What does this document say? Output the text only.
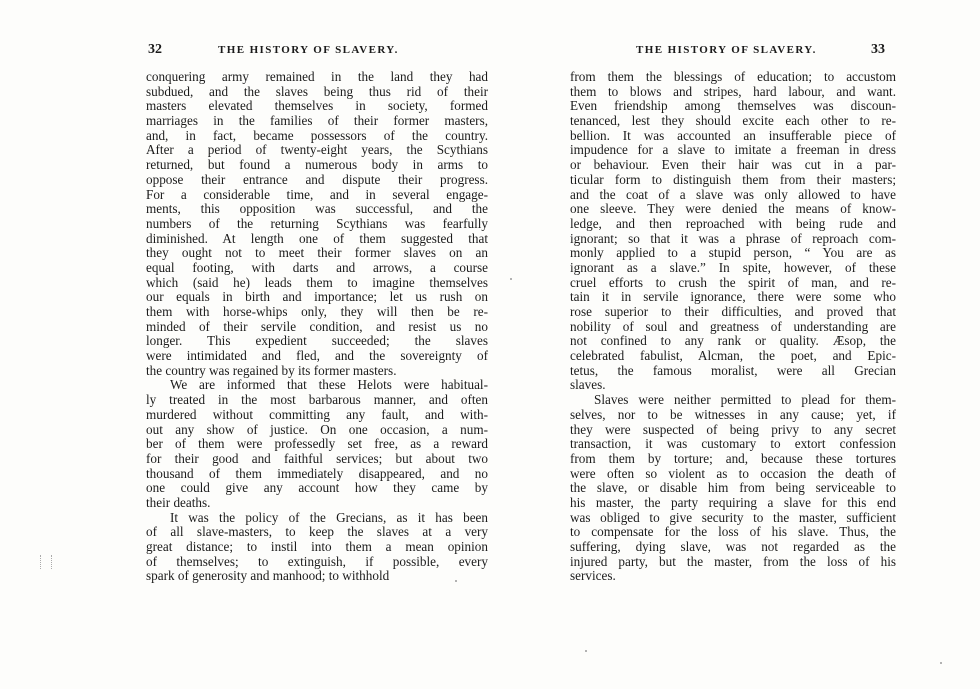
32	THE HISTORY OF SLAVERY.
conquering army remained in the land they had
subdued, and the slaves being thus rid of their
masters elevated themselves in society, formed
marriages in the families of their former masters,
and, in fact, became possessors of the country.
After a period of twenty-eight years, the Scythians
returned, but found a numerous body in arms to
oppose their entrance and dispute their progress.
For a considerable time, and in several engage-
ments, this opposition was successful, and the
numbers of the returning Scythians was fearfully
diminished. At length one of them suggested that
they ought not to meet their former slaves on an
equal footing, with darts and arrows, a course
which (said he) leads them to imagine themselves
our equals in birth and importance; let us rush on
them with horse-whips only, they will then be re-
minded of their servile condition, and resist us no
longer. This expedient succeeded; the slaves
were intimidated and fled, and the sovereignty of
the country was regained by its former masters.
We are informed that these Helots were habitual-
ly treated in the most barbarous manner, and often
murdered without committing any fault, and with-
out any show of justice. On one occasion, a num-
ber of them were professedly set free, as a reward
for their good and faithful services; but about two
thousand of them immediately disappeared, and no
one could give any account how they came by
their deaths.
It was the policy of the Grecians, as it has been
of all slave-masters, to keep the slaves at a very
great distance; to instil into them a mean opinion
of themselves; to extinguish, if possible, every
spark of generosity and manhood; to withhold
THE HISTORY OF SLAVERY.	33
from them the blessings of education; to accustom
them to blows and stripes, hard labour, and want.
Even friendship among themselves was discoun-
tenanced, lest they should excite each other to re-
bellion. It was accounted an insufferable piece of
impudence for a slave to imitate a freeman in dress
or behaviour. Even their hair was cut in a par-
ticular form to distinguish them from their masters;
and the coat of a slave was only allowed to have
one sleeve. They were denied the means of know-
ledge, and then reproached with being rude and
ignorant; so that it was a phrase of reproach com-
monly applied to a stupid person, “ You are as
ignorant as a slave.” In spite, however, of these
cruel efforts to crush the spirit of man, and re-
tain it in servile ignorance, there were some who
rose superior to their difficulties, and proved that
nobility of soul and greatness of understanding are
not confined to any rank or quality. Æsop, the
celebrated fabulist, Alcman, the poet, and Epic-
tetus, the famous moralist, were all Grecian
slaves.
Slaves were neither permitted to plead for them-
selves, nor to be witnesses in any cause; yet, if
they were suspected of being privy to any secret
transaction, it was customary to extort confession
from them by torture; and, because these tortures
were often so violent as to occasion the death of
the slave, or disable him from being serviceable to
his master, the party requiring a slave for this end
was obliged to give security to the master, sufficient
to compensate for the loss of his slave. Thus, the
suffering, dying slave, was not regarded as the
injured party, but the master, from the loss of his
services.
